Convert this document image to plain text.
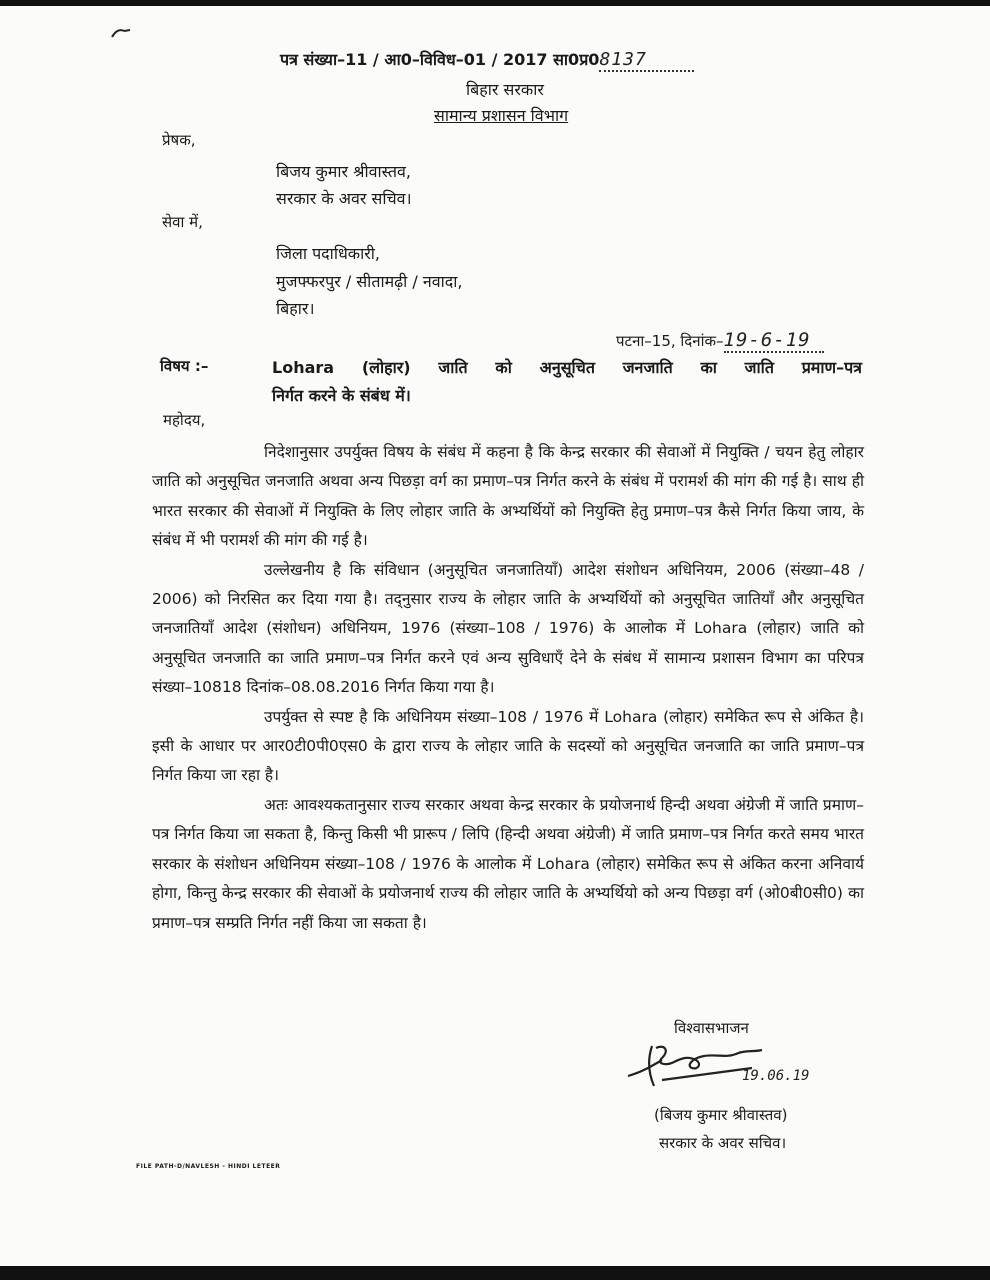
पत्र संख्या–11 / आ0–विविध–01 / 2017 सा0प्र08137
बिहार सरकार
सामान्य प्रशासन विभाग
प्रेषक,
बिजय कुमार श्रीवास्तव,
सरकार के अवर सचिव।
सेवा में,
जिला पदाधिकारी,
मुजफ्फरपुर / सीतामढ़ी / नवादा,
बिहार।
पटना–15, दिनांक–19-6-19
विषय :–	Lohara (लोहार) जाति को अनुसूचित जनजाति का जाति प्रमाण–पत्र
निर्गत करने के संबंध में।
महोदय,

निदेशानुसार उपर्युक्त विषय के संबंध में कहना है कि केन्द्र सरकार की सेवाओं में नियुक्ति / चयन हेतु लोहार जाति को अनुसूचित जनजाति अथवा अन्य पिछड़ा वर्ग का प्रमाण–पत्र निर्गत करने के संबंध में परामर्श की मांग की गई है। साथ ही भारत सरकार की सेवाओं में नियुक्ति के लिए लोहार जाति के अभ्यर्थियों को नियुक्ति हेतु प्रमाण–पत्र कैसे निर्गत किया जाय, के संबंध में भी परामर्श की मांग की गई है।

उल्लेखनीय है कि संविधान (अनुसूचित जनजातियाँ) आदेश संशोधन अधिनियम, 2006 (संख्या–48 / 2006) को निरसित कर दिया गया है। तद्नुसार राज्य के लोहार जाति के अभ्यर्थियों को अनुसूचित जातियाँ और अनुसूचित जनजातियाँ आदेश (संशोधन) अधिनियम, 1976 (संख्या–108 / 1976) के आलोक में Lohara (लोहार) जाति को अनुसूचित जनजाति का जाति प्रमाण–पत्र निर्गत करने एवं अन्य सुविधाएँ देने के संबंध में सामान्य प्रशासन विभाग का परिपत्र संख्या–10818 दिनांक–08.08.2016 निर्गत किया गया है।

उपर्युक्त से स्पष्ट है कि अधिनियम संख्या–108 / 1976 में Lohara (लोहार) समेकित रूप से अंकित है। इसी के आधार पर आर0टी0पी0एस0 के द्वारा राज्य के लोहार जाति के सदस्यों को अनुसूचित जनजाति का जाति प्रमाण–पत्र निर्गत किया जा रहा है।

अतः आवश्यकतानुसार राज्य सरकार अथवा केन्द्र सरकार के प्रयोजनार्थ हिन्दी अथवा अंग्रेजी में जाति प्रमाण–पत्र निर्गत किया जा सकता है, किन्तु किसी भी प्रारूप / लिपि (हिन्दी अथवा अंग्रेजी) में जाति प्रमाण–पत्र निर्गत करते समय भारत सरकार के संशोधन अधिनियम संख्या–108 / 1976 के आलोक में Lohara (लोहार) समेकित रूप से अंकित करना अनिवार्य होगा, किन्तु केन्द्र सरकार की सेवाओं के प्रयोजनार्थ राज्य की लोहार जाति के अभ्यर्थियो को अन्य पिछड़ा वर्ग (ओ0बी0सी0) का प्रमाण–पत्र सम्प्रति निर्गत नहीं किया जा सकता है।

विश्वासभाजन
19.06.19
(बिजय कुमार श्रीवास्तव)
सरकार के अवर सचिव।
FILE PATH-D/NAVLESH - HINDI LETEER
